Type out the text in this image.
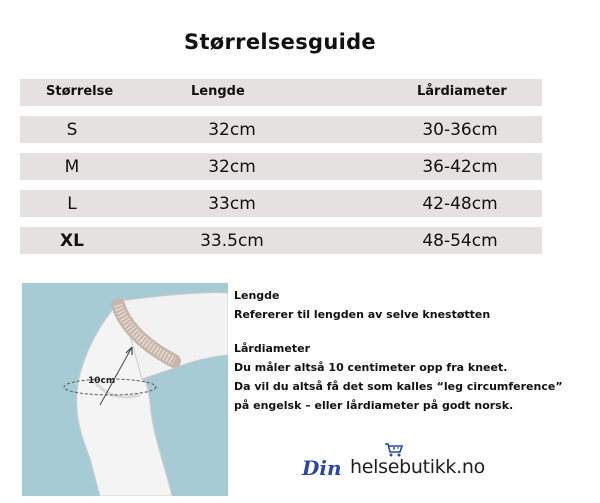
Størrelsesguide
Størrelse	Lengde	Lårdiameter
S	32cm	30-36cm
M	32cm	36-42cm
L	33cm	42-48cm
XL	33.5cm	48-54cm
10cm

Lengde

Refererer til lengden av selve knestøtten

Lårdiameter

Du måler altså 10 centimeter opp fra kneet.

Da vil du altså få det som kalles “leg circumference”

på engelsk – eller lårdiameter på godt norsk.

Din helsebutikk.no
